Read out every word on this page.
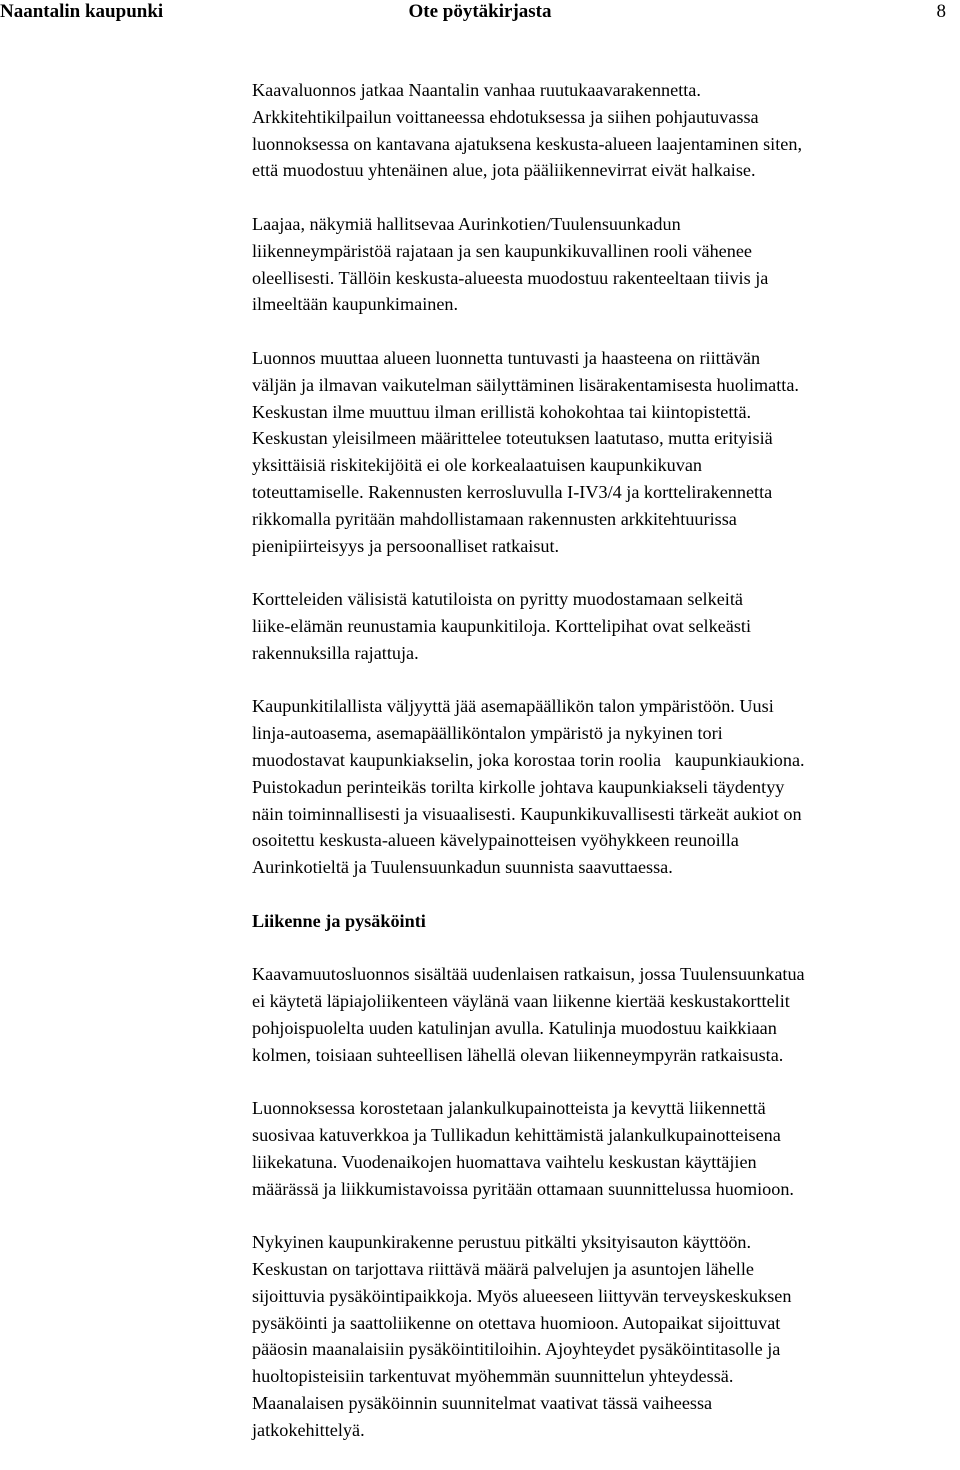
Ote pöytäkirjasta
Naantalin kaupunki	8

Kaavaluonnos jatkaa Naantalin vanhaa ruutukaavarakennetta.
Arkkitehtikilpailun voittaneessa ehdotuksessa ja siihen pohjautuvassa
luonnoksessa on kantavana ajatuksena keskusta-alueen laajentaminen siten,
että muodostuu yhtenäinen alue, jota pääliikennevirrat eivät halkaise.

Laajaa, näkymiä hallitsevaa Aurinkotien/Tuulensuunkadun
liikenneympäristöä rajataan ja sen kaupunkikuvallinen rooli vähenee
oleellisesti. Tällöin keskusta-alueesta muodostuu rakenteeltaan tiivis ja
ilmeeltään kaupunkimainen.

Luonnos muuttaa alueen luonnetta tuntuvasti ja haasteena on riittävän
väljän ja ilmavan vaikutelman säilyttäminen lisärakentamisesta huolimatta.
Keskustan ilme muuttuu ilman erillistä kohokohtaa tai kiintopistettä.
Keskustan yleisilmeen määrittelee toteutuksen laatutaso, mutta erityisiä
yksittäisiä riskitekijöitä ei ole korkealaatuisen kaupunkikuvan
toteuttamiselle. Rakennusten kerrosluvulla I-IV3/4 ja korttelirakennetta
rikkomalla pyritään mahdollistamaan rakennusten arkkitehtuurissa
pienipiirteisyys ja persoonalliset ratkaisut.

Kortteleiden välisistä katutiloista on pyritty muodostamaan selkeitä
liike-elämän reunustamia kaupunkitiloja. Korttelipihat ovat selkeästi
rakennuksilla rajattuja.

Kaupunkitilallista väljyyttä jää asemapäällikön talon ympäristöön. Uusi
linja-autoasema, asemapäälliköntalon ympäristö ja nykyinen tori
muodostavat kaupunkiakselin, joka korostaa torin roolia   kaupunkiaukiona.
Puistokadun perinteikäs torilta kirkolle johtava kaupunkiakseli täydentyy
näin toiminnallisesti ja visuaalisesti. Kaupunkikuvallisesti tärkeät aukiot on
osoitettu keskusta-alueen kävelypainotteisen vyöhykkeen reunoilla
Aurinkotieltä ja Tuulensuunkadun suunnista saavuttaessa.

Liikenne ja pysäköinti

Kaavamuutosluonnos sisältää uudenlaisen ratkaisun, jossa Tuulensuunkatua
ei käytetä läpiajoliikenteen väylänä vaan liikenne kiertää keskustakorttelit
pohjoispuolelta uuden katulinjan avulla. Katulinja muodostuu kaikkiaan
kolmen, toisiaan suhteellisen lähellä olevan liikenneympyrän ratkaisusta.

Luonnoksessa korostetaan jalankulkupainotteista ja kevyttä liikennettä
suosivaa katuverkkoa ja Tullikadun kehittämistä jalankulkupainotteisena
liikekatuna. Vuodenaikojen huomattava vaihtelu keskustan käyttäjien
määrässä ja liikkumistavoissa pyritään ottamaan suunnittelussa huomioon.

Nykyinen kaupunkirakenne perustuu pitkälti yksityisauton käyttöön.
Keskustan on tarjottava riittävä määrä palvelujen ja asuntojen lähelle
sijoittuvia pysäköintipaikkoja. Myös alueeseen liittyvän terveyskeskuksen
pysäköinti ja saattoliikenne on otettava huomioon. Autopaikat sijoittuvat
pääosin maanalaisiin pysäköintitiloihin. Ajoyhteydet pysäköintitasolle ja
huoltopisteisiin tarkentuvat myöhemmän suunnittelun yhteydessä.
Maanalaisen pysäköinnin suunnitelmat vaativat tässä vaiheessa
jatkokehittelyä.
